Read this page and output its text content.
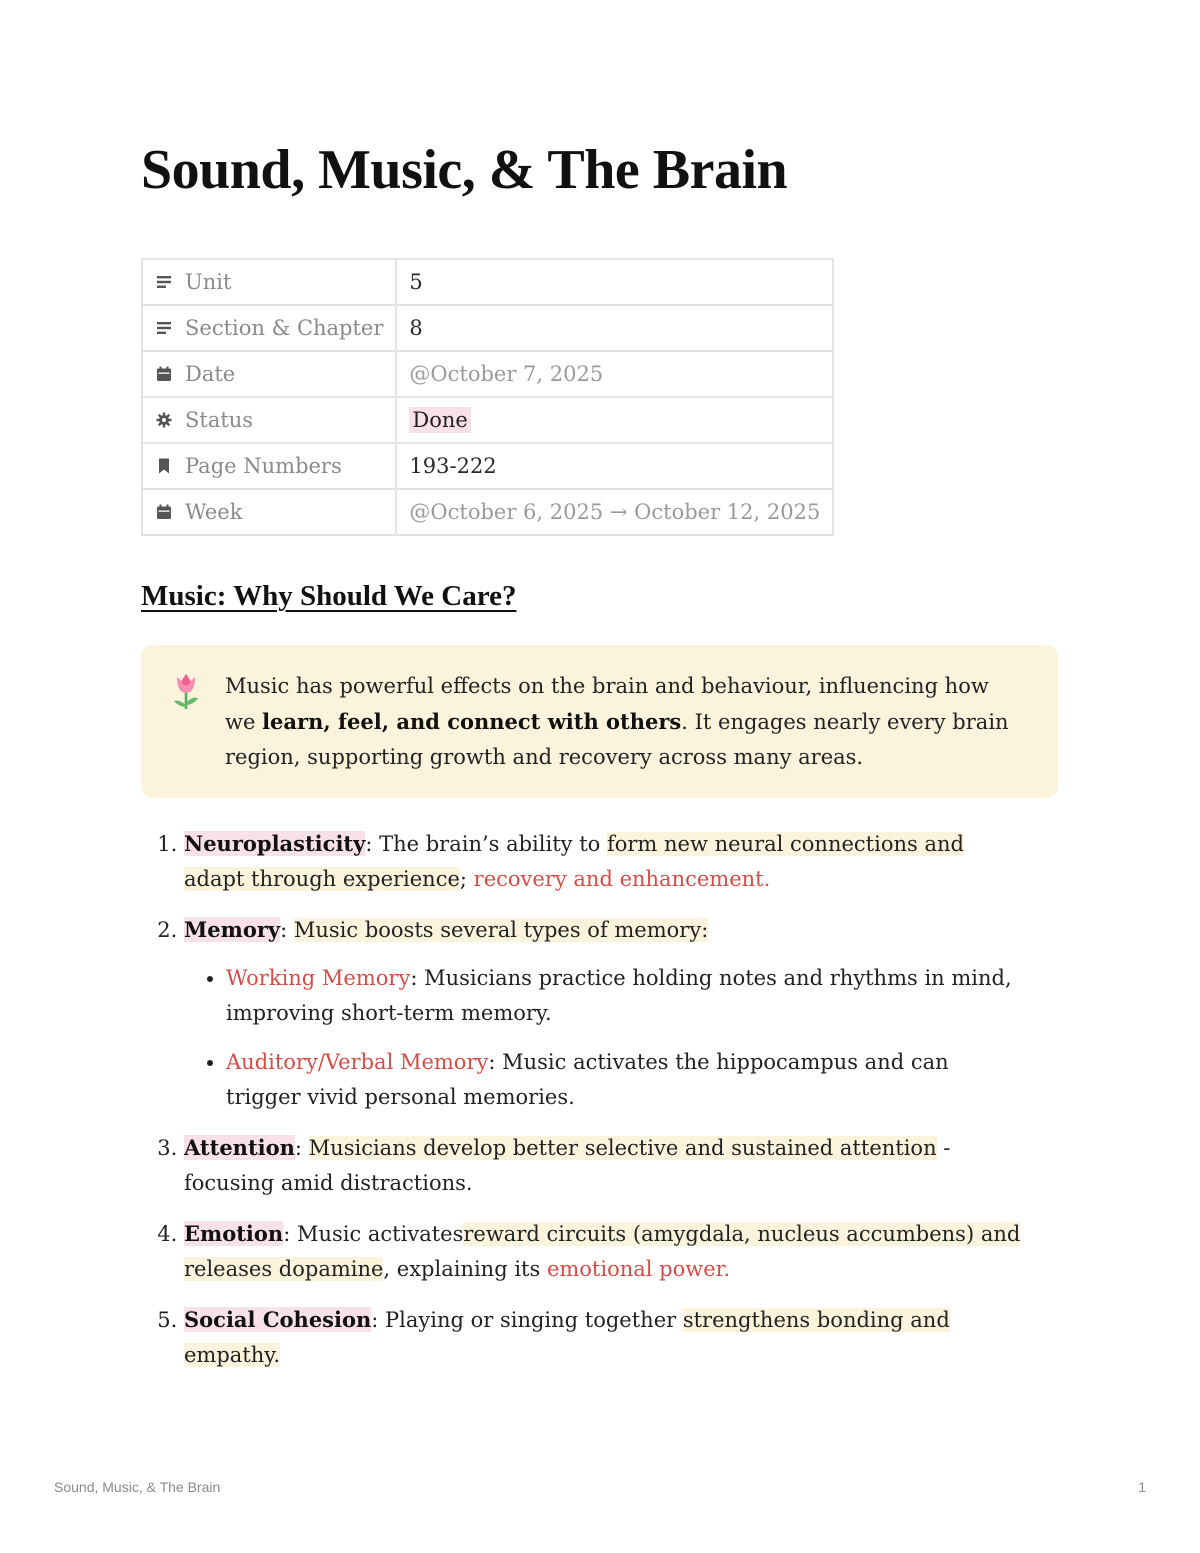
Sound, Music, & The Brain
Unit	5
Section & Chapter	8
Date	@October 7, 2025
Status	Done
Page Numbers	193-222
Week	@October 6, 2025 → October 12, 2025
Music: Why Should We Care?
Music has powerful effects on the brain and behaviour, influencing how we learn, feel, and connect with others. It engages nearly every brain region, supporting growth and recovery across many areas.
1. Neuroplasticity: The brain’s ability to form new neural connections and adapt through experience; recovery and enhancement.
2. Memory: Music boosts several types of memory:
• Working Memory: Musicians practice holding notes and rhythms in mind, improving short-term memory.
• Auditory/Verbal Memory: Music activates the hippocampus and can trigger vivid personal memories.
3. Attention: Musicians develop better selective and sustained attention - focusing amid distractions.
4. Emotion: Music activatesreward circuits (amygdala, nucleus accumbens) and releases dopamine, explaining its emotional power.
5. Social Cohesion: Playing or singing together strengthens bonding and empathy.
Sound, Music, & The Brain	1
